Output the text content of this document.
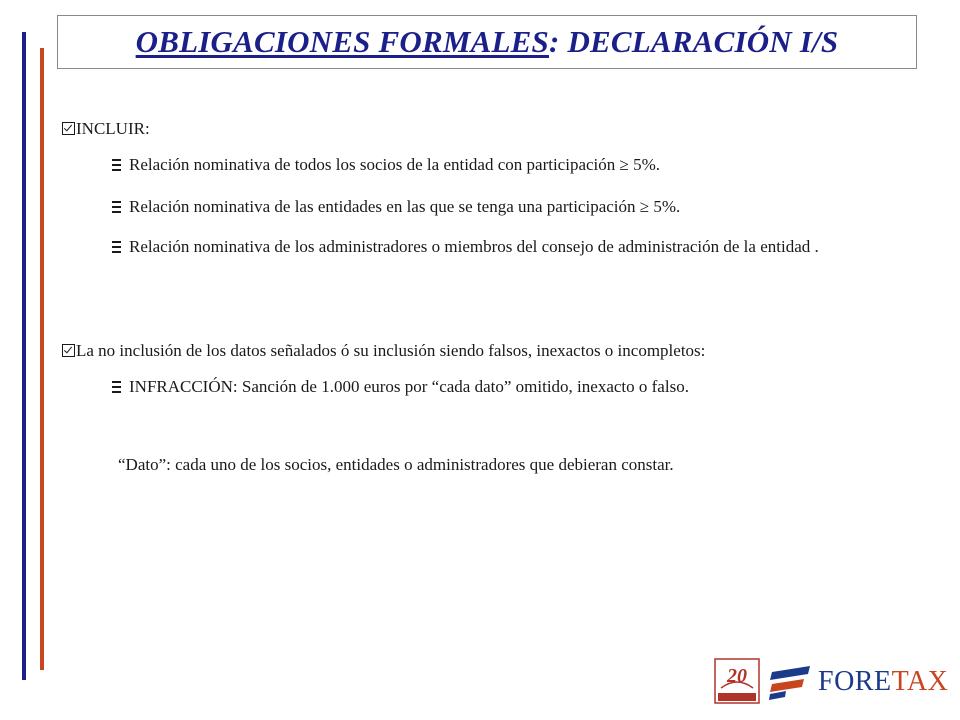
OBLIGACIONES FORMALES: DECLARACIÓN I/S
INCLUIR:
Relación nominativa de todos los socios de la entidad con participación ≥ 5%.
Relación nominativa de las entidades en las que se tenga una participación ≥ 5%.
Relación nominativa de los administradores o miembros del consejo de administración de la entidad .
La no inclusión de los datos señalados ó su inclusión siendo falsos, inexactos o incompletos:
INFRACCIÓN: Sanción de 1.000 euros por “cada dato” omitido, inexacto o falso.
“Dato”: cada uno de los socios, entidades o administradores que debieran constar.
20	FORETAX
